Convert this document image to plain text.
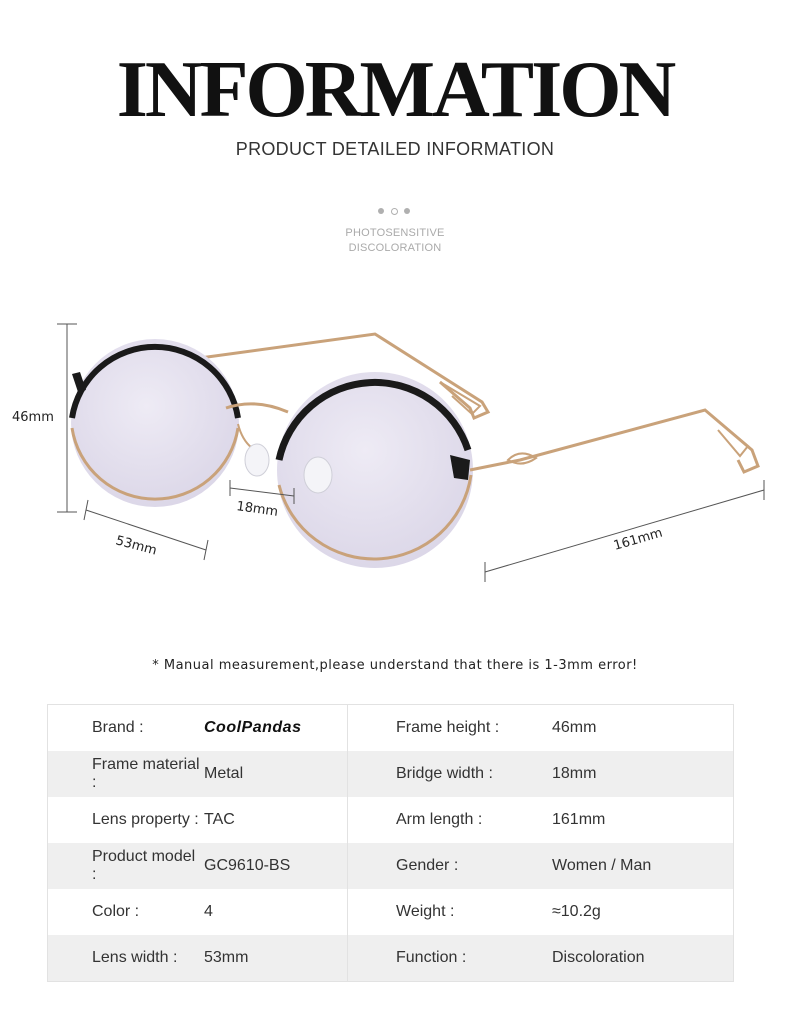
INFORMATION
PRODUCT DETAILED INFORMATION
PHOTOSENSITIVE
DISCOLORATION
46mm
53mm
18mm
161mm
* Manual measurement,please understand that there is 1-3mm error!
Brand :	CoolPandas	Frame height :	46mm
Frame material :	Metal	Bridge width :	18mm
Lens property :	TAC	Arm length :	161mm
Product model :	GC9610-BS	Gender :	Women / Man
Color :	4	Weight :	≈10.2g
Lens width :	53mm	Function :	Discoloration
